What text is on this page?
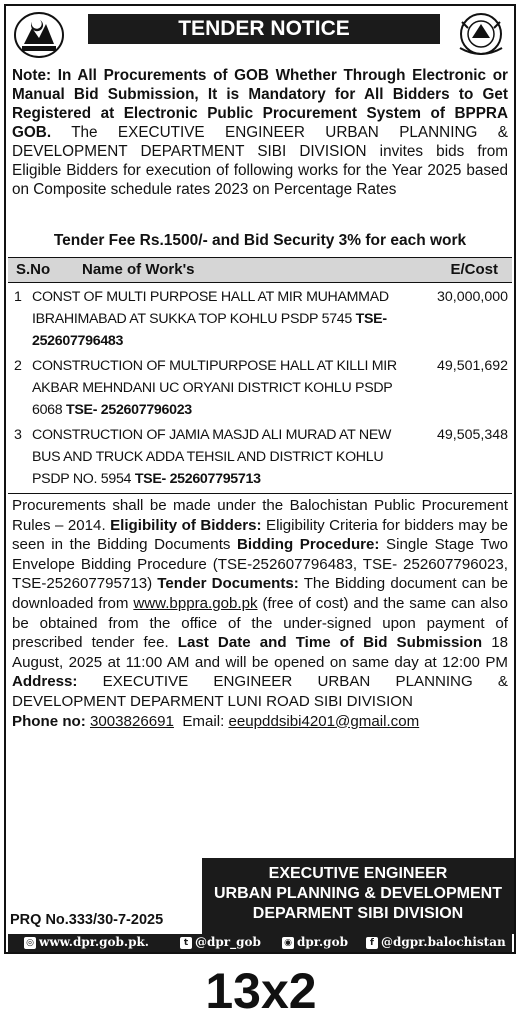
TENDER NOTICE
Note: In All Procurements of GOB Whether Through Electronic or Manual Bid Submission, It is Mandatory for All Bidders to Get Registered at Electronic Public Procurement System of BPPRA GOB. The EXECUTIVE ENGINEER URBAN PLANNING & DEVELOPMENT DEPARTMENT SIBI DIVISION invites bids from Eligible Bidders for execution of following works for the Year 2025 based on Composite schedule rates 2023 on Percentage Rates
Tender Fee Rs.1500/- and Bid Security 3% for each work
S.No Name of Work's	E/Cost
1 CONST OF MULTI PURPOSE HALL AT MIR MUHAMMAD IBRAHIMABAD AT SUKKA TOP KOHLU PSDP 5745 TSE- 252607796483
30,000,000
2 CONSTRUCTION OF MULTIPURPOSE HALL AT KILLI MIR AKBAR MEHNDANI UC ORYANI DISTRICT KOHLU PSDP 6068 TSE- 252607796023
49,501,692
3 CONSTRUCTION OF JAMIA MASJD ALI MURAD AT NEW BUS AND TRUCK ADDA TEHSIL AND DISTRICT KOHLU PSDP NO. 5954 TSE- 252607795713
49,505,348
Procurements shall be made under the Balochistan Public Procurement Rules – 2014. Eligibility of Bidders: Eligibility Criteria for bidders may be seen in the Bidding Documents Bidding Procedure: Single Stage Two Envelope Bidding Procedure (TSE-252607796483, TSE- 252607796023, TSE-252607795713) Tender Documents: The Bidding document can be downloaded from www.bppra.gob.pk (free of cost) and the same can also be obtained from the office of the under-signed upon payment of prescribed tender fee. Last Date and Time of Bid Submission 18 August, 2025 at 11:00 AM and will be opened on same day at 12:00 PM Address: EXECUTIVE ENGINEER URBAN PLANNING & DEVELOPMENT DEPARMENT LUNI ROAD SIBI DIVISION
Phone no: 3003826691 Email: eeupddsibi4201@gmail.com
EXECUTIVE ENGINEER
URBAN PLANNING & DEVELOPMENT
DEPARMENT SIBI DIVISION
PRQ No.333/30-7-2025
◎ www.dpr.gob.pk.	t @dpr_gob	◉ dpr.gob	f @dgpr.balochistan
13x2
